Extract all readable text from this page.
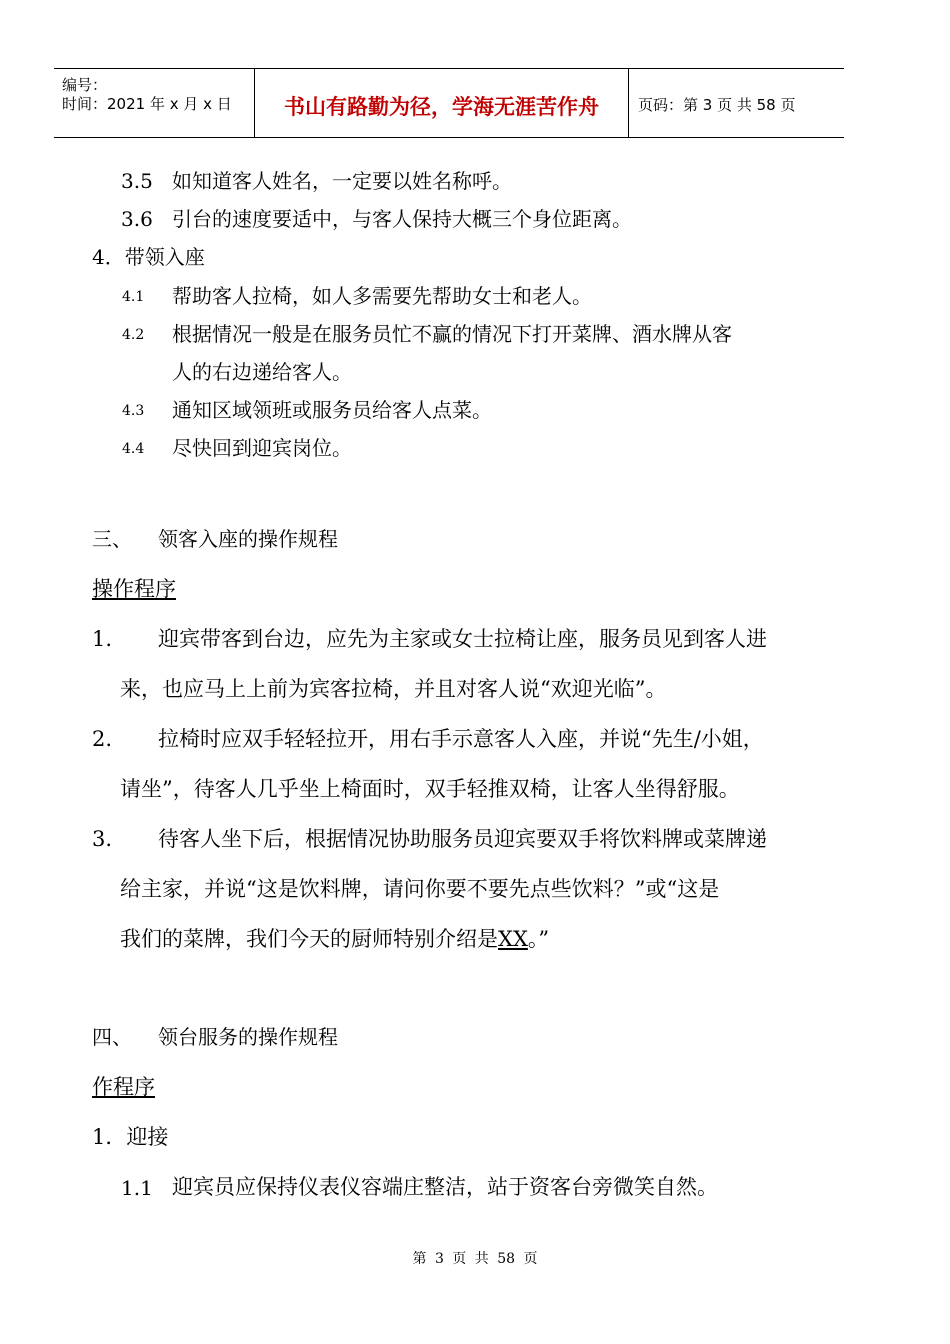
编号：
时间：2021 年 x 月 x 日	书山有路勤为径，学海无涯苦作舟	页码：第 3 页 共 58 页
3.5 如知道客人姓名，一定要以姓名称呼。
3.6 引台的速度要适中，与客人保持大概三个身位距离。
4．带领入座
4.1 帮助客人拉椅，如人多需要先帮助女士和老人。
4.2 根据情况一般是在服务员忙不赢的情况下打开菜牌、酒水牌从客
人的右边递给客人。
4.3 通知区域领班或服务员给客人点菜。
4.4 尽快回到迎宾岗位。
三、 领客入座的操作规程
操作程序
1. 迎宾带客到台边，应先为主家或女士拉椅让座，服务员见到客人进
来，也应马上上前为宾客拉椅，并且对客人说“欢迎光临”。
2. 拉椅时应双手轻轻拉开，用右手示意客人入座，并说“先生/小姐，
请坐”，待客人几乎坐上椅面时，双手轻推双椅，让客人坐得舒服。
3. 待客人坐下后，根据情况协助服务员迎宾要双手将饮料牌或菜牌递
给主家，并说“这是饮料牌，请问你要不要先点些饮料？”或“这是
我们的菜牌，我们今天的厨师特别介绍是XX。”
四、 领台服务的操作规程
作程序
1．迎接
1.1 迎宾员应保持仪表仪容端庄整洁，站于资客台旁微笑自然。
第 3 页 共 58 页
